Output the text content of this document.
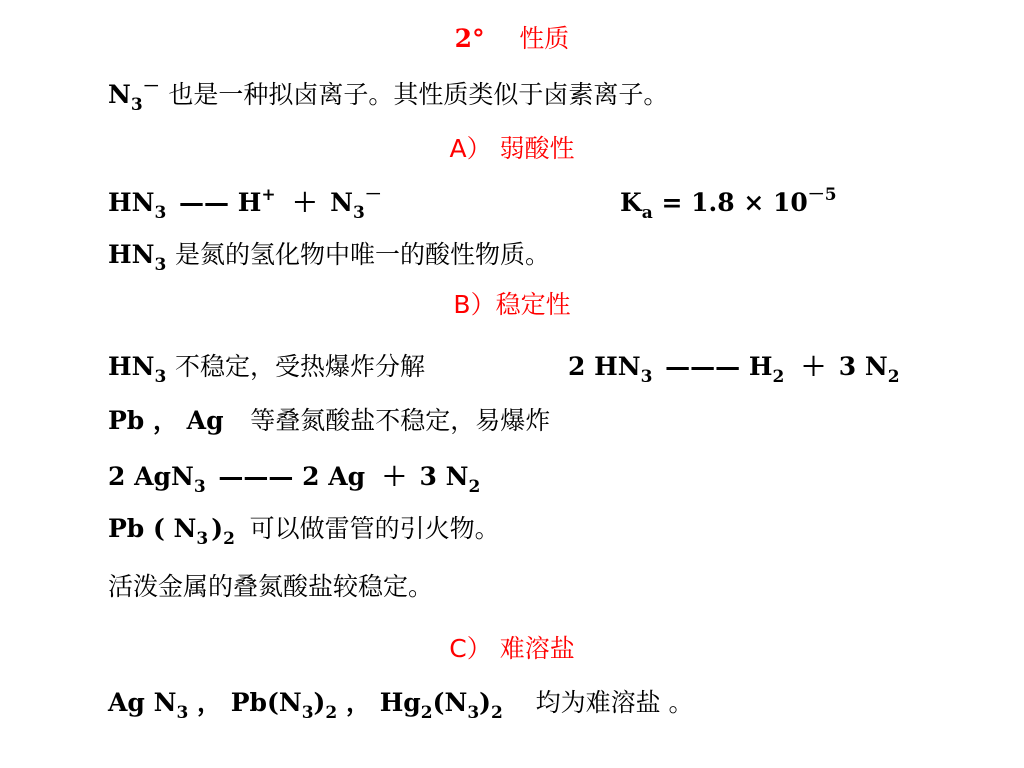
2° 性质
$N_3^-$ 也是一种拟卤离子。其性质类似于卤素离子。
A） 弱酸性
$HN_3$ —— $H^+ + N_3^-$	$K_a = 1.8 \times 10^{-5}$
$HN_3$ 是氮的氢化物中唯一的酸性物质。
B）稳定性
$HN_3$ 不稳定，受热爆炸分解	2 $HN_3$ ——— $H_2 + 3$ $N_2$
Pb ， Ag 等叠氮酸盐不稳定，易爆炸
2 AgN$_3$ ——— 2 Ag ＋ 3 $N_2$
Pb ( $N_3$ )$_2$ 可以做雷管的引火物。
活泼金属的叠氮酸盐较稳定。
C） 难溶盐
Ag $N_3$ ， $Pb(N_3)_2$ ， $Hg_2(N_3)_2$ 均为难溶盐 。
